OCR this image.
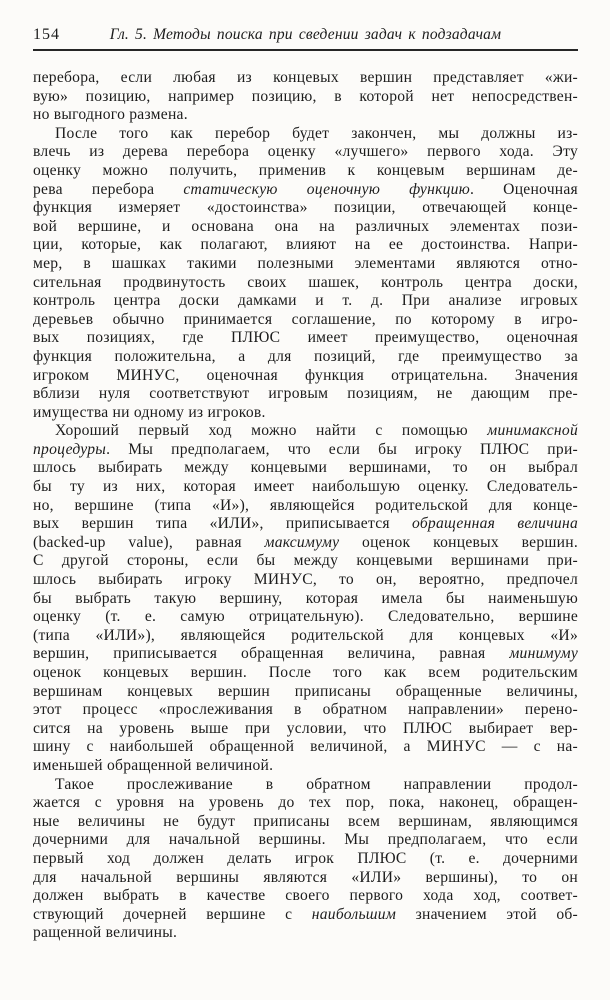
154	Гл. 5. Методы поиска при сведении задач к подзадачам
перебора, если любая из концевых вершин представляет «жи-
вую» позицию, например позицию, в которой нет непосредствен-
но выгодного размена.
После того как перебор будет закончен, мы должны из-
влечь из дерева перебора оценку «лучшего» первого хода. Эту
оценку можно получить, применив к концевым вершинам де-
рева перебора статическую оценочную функцию. Оценочная
функция измеряет «достоинства» позиции, отвечающей конце-
вой вершине, и основана она на различных элементах пози-
ции, которые, как полагают, влияют на ее достоинства. Напри-
мер, в шашках такими полезными элементами являются отно-
сительная продвинутость своих шашек, контроль центра доски,
контроль центра доски дамками и т. д. При анализе игровых
деревьев обычно принимается соглашение, по которому в игро-
вых позициях, где ПЛЮС имеет преимущество, оценочная
функция положительна, а для позиций, где преимущество за
игроком МИНУС, оценочная функция отрицательна. Значения
вблизи нуля соответствуют игровым позициям, не дающим пре-
имущества ни одному из игроков.
Хороший первый ход можно найти с помощью минимаксной
процедуры. Мы предполагаем, что если бы игроку ПЛЮС при-
шлось выбирать между концевыми вершинами, то он выбрал
бы ту из них, которая имеет наибольшую оценку. Следователь-
но, вершине (типа «И»), являющейся родительской для конце-
вых вершин типа «ИЛИ», приписывается обращенная величина
(backed-up value), равная максимуму оценок концевых вершин.
С другой стороны, если бы между концевыми вершинами при-
шлось выбирать игроку МИНУС, то он, вероятно, предпочел
бы выбрать такую вершину, которая имела бы наименьшую
оценку (т. е. самую отрицательную). Следовательно, вершине
(типа «ИЛИ»), являющейся родительской для концевых «И»
вершин, приписывается обращенная величина, равная минимуму
оценок концевых вершин. После того как всем родительским
вершинам концевых вершин приписаны обращенные величины,
этот процесс «прослеживания в обратном направлении» перено-
сится на уровень выше при условии, что ПЛЮС выбирает вер-
шину с наибольшей обращенной величиной, а МИНУС — с на-
именьшей обращенной величиной.
Такое прослеживание в обратном направлении продол-
жается с уровня на уровень до тех пор, пока, наконец, обращен-
ные величины не будут приписаны всем вершинам, являющимся
дочерними для начальной вершины. Мы предполагаем, что если
первый ход должен делать игрок ПЛЮС (т. е. дочерними
для начальной вершины являются «ИЛИ» вершины), то он
должен выбрать в качестве своего первого хода ход, соответ-
ствующий дочерней вершине с наибольшим значением этой об-
ращенной величины.
